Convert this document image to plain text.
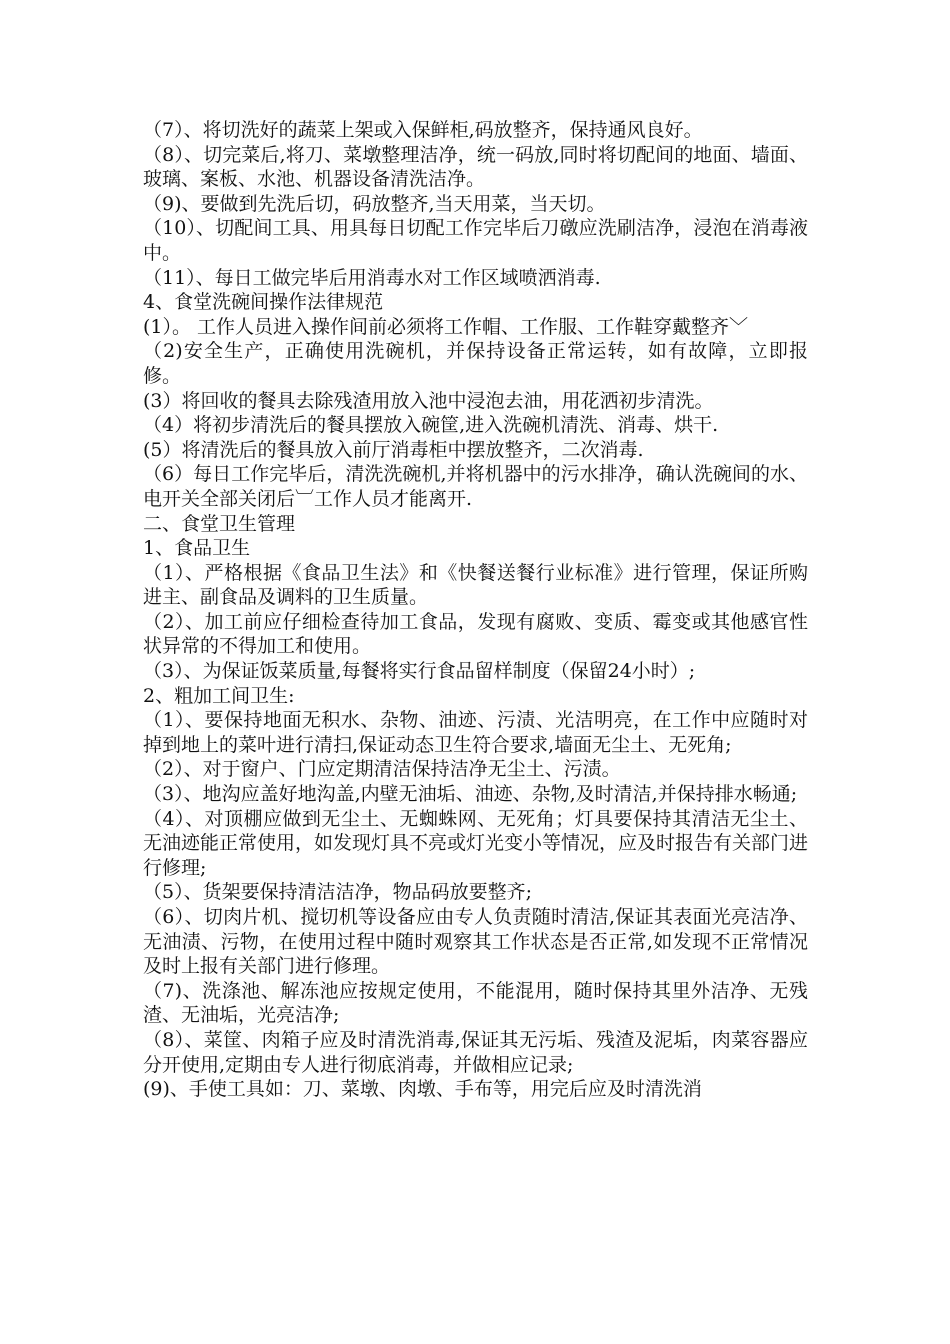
（7）、将切洗好的蔬菜上架或入保鲜柜,码放整齐，保持通风良好。

（8）、切完菜后,将刀、菜墩整理洁净，统一码放,同时将切配间的地面、墙面、玻璃、案板、水池、机器设备清洗洁净。

（9)、要做到先洗后切，码放整齐,当天用菜，当天切。

（10）、切配间工具、用具每日切配工作完毕后刀礅应洗刷洁净，浸泡在消毒液中。

（11）、每日工做完毕后用消毒水对工作区域喷洒消毒.

4、食堂洗碗间操作法律规范

(1）。 工作人员进入操作间前必须将工作帽、工作服、工作鞋穿戴整齐﹀

（2)安全生产，正确使用洗碗机，并保持设备正常运转，如有故障，立即报修。

(3）将回收的餐具去除残渣用放入池中浸泡去油，用花洒初步清洗。

（4）将初步清洗后的餐具摆放入碗筐,进入洗碗机清洗、消毒、烘干.

(5）将清洗后的餐具放入前厅消毒柜中摆放整齐，二次消毒.

（6）每日工作完毕后，清洗洗碗机,并将机器中的污水排净，确认洗碗间的水、电开关全部关闭后︺工作人员才能离开.

二、食堂卫生管理

1、食品卫生

（1）、严格根据《食品卫生法》和《快餐送餐行业标准》进行管理，保证所购进主、副食品及调料的卫生质量。

（2）、加工前应仔细检查待加工食品，发现有腐败、变质、霉变或其他感官性状异常的不得加工和使用。

（3）、为保证饭菜质量,每餐将实行食品留样制度（保留24小时）;

2、粗加工间卫生:

（1）、要保持地面无积水、杂物、油迹、污渍、光洁明亮，在工作中应随时对掉到地上的菜叶进行清扫,保证动态卫生符合要求,墙面无尘土、无死角;

（2）、对于窗户、门应定期清洁保持洁净无尘土、污渍。

（3）、地沟应盖好地沟盖,内壁无油垢、油迹、杂物,及时清洁,并保持排水畅通;

（4）、对顶棚应做到无尘土、无蜘蛛网、无死角；灯具要保持其清洁无尘土、无油迹能正常使用，如发现灯具不亮或灯光变小等情况，应及时报告有关部门进行修理;

（5）、货架要保持清洁洁净，物品码放要整齐;

（6）、切肉片机、搅切机等设备应由专人负责随时清洁,保证其表面光亮洁净、无油渍、污物，在使用过程中随时观察其工作状态是否正常,如发现不正常情况及时上报有关部门进行修理。

（7)、洗涤池、解冻池应按规定使用，不能混用，随时保持其里外洁净、无残渣、无油垢，光亮洁净;

（8）、菜筐、肉箱子应及时清洗消毒,保证其无污垢、残渣及泥垢，肉菜容器应分开使用,定期由专人进行彻底消毒，并做相应记录;

(9)、手使工具如：刀、菜墩、肉墩、手布等，用完后应及时清洗消
